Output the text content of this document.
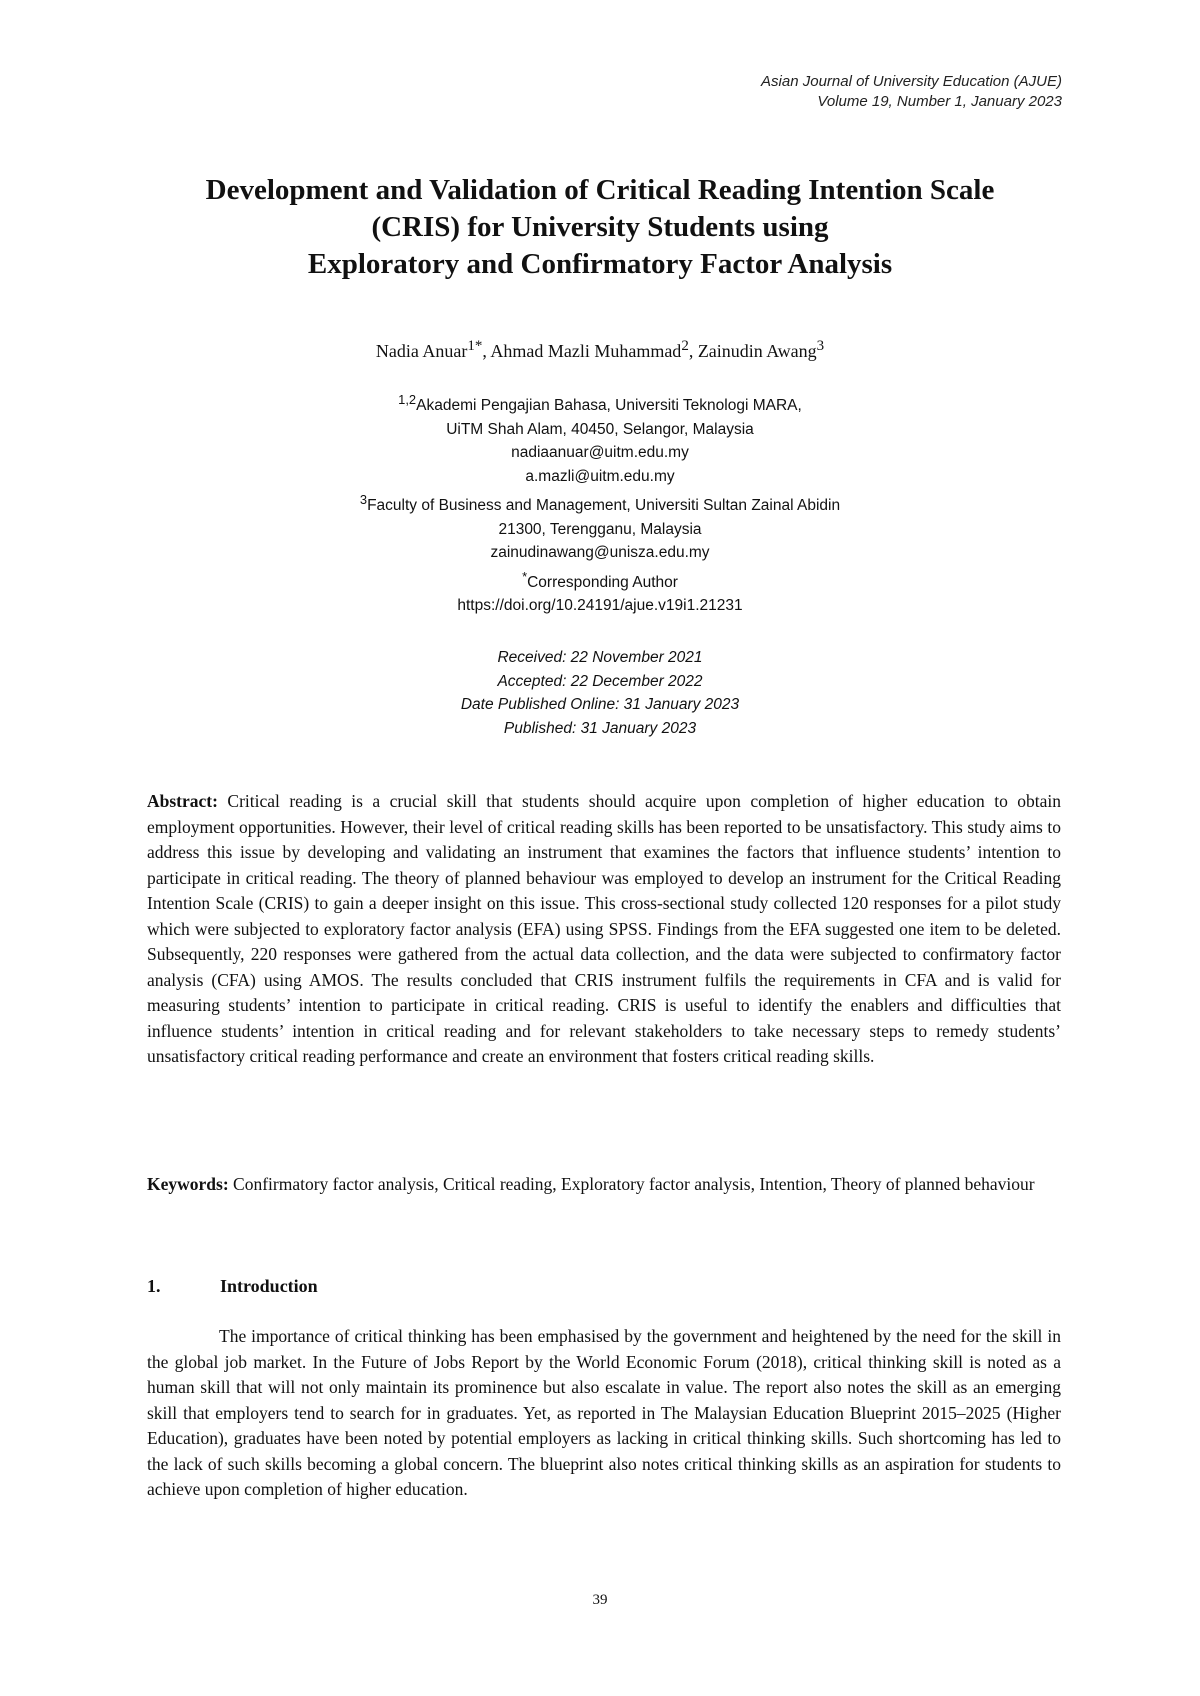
Asian Journal of University Education (AJUE)
Volume 19, Number 1, January 2023
Development and Validation of Critical Reading Intention Scale
(CRIS) for University Students using
Exploratory and Confirmatory Factor Analysis
Nadia Anuar$^{1*}$, Ahmad Mazli Muhammad$^2$, Zainudin Awang$^3$
$^{1,2}$Akademi Pengajian Bahasa, Universiti Teknologi MARA,
UiTM Shah Alam, 40450, Selangor, Malaysia
nadiaanuar@uitm.edu.my
a.mazli@uitm.edu.my
$^3$Faculty of Business and Management, Universiti Sultan Zainal Abidin
21300, Terengganu, Malaysia
zainudinawang@unisza.edu.my
*Corresponding Author
https://doi.org/10.24191/ajue.v19i1.21231
Received: 22 November 2021
Accepted: 22 December 2022
Date Published Online: 31 January 2023
Published: 31 January 2023
Abstract: Critical reading is a crucial skill that students should acquire upon completion of higher education to obtain employment opportunities. However, their level of critical reading skills has been reported to be unsatisfactory. This study aims to address this issue by developing and validating an instrument that examines the factors that influence students’ intention to participate in critical reading. The theory of planned behaviour was employed to develop an instrument for the Critical Reading Intention Scale (CRIS) to gain a deeper insight on this issue. This cross-sectional study collected 120 responses for a pilot study which were subjected to exploratory factor analysis (EFA) using SPSS. Findings from the EFA suggested one item to be deleted. Subsequently, 220 responses were gathered from the actual data collection, and the data were subjected to confirmatory factor analysis (CFA) using AMOS. The results concluded that CRIS instrument fulfils the requirements in CFA and is valid for measuring students’ intention to participate in critical reading. CRIS is useful to identify the enablers and difficulties that influence students’ intention in critical reading and for relevant stakeholders to take necessary steps to remedy students’ unsatisfactory critical reading performance and create an environment that fosters critical reading skills.
Keywords: Confirmatory factor analysis, Critical reading, Exploratory factor analysis, Intention, Theory of planned behaviour
1.	Introduction
The importance of critical thinking has been emphasised by the government and heightened by the need for the skill in the global job market. In the Future of Jobs Report by the World Economic Forum (2018), critical thinking skill is noted as a human skill that will not only maintain its prominence but also escalate in value. The report also notes the skill as an emerging skill that employers tend to search for in graduates. Yet, as reported in The Malaysian Education Blueprint 2015–2025 (Higher Education), graduates have been noted by potential employers as lacking in critical thinking skills. Such shortcoming has led to the lack of such skills becoming a global concern. The blueprint also notes critical thinking skills as an aspiration for students to achieve upon completion of higher education.
39
